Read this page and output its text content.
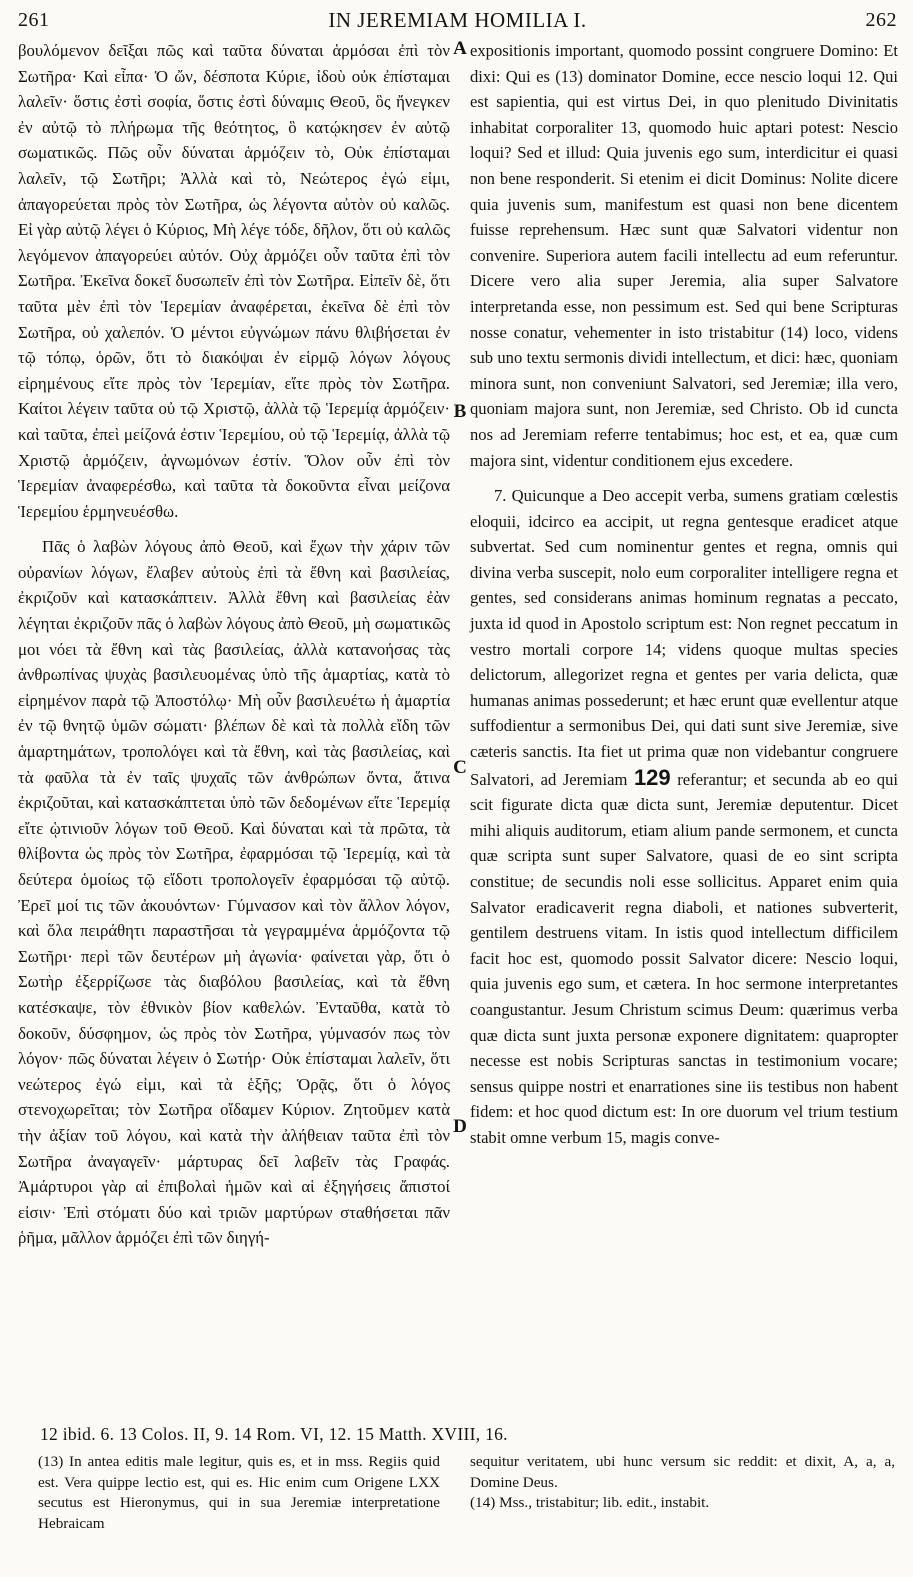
261	IN JEREMIAM HOMILIA I.	262

βουλόμενον δεῖξαι πῶς καὶ ταῦτα δύναται ἁρμόσαι ἐπὶ τὸν Σωτῆρα· Καὶ εἶπα· Ὁ ὤν, δέσποτα Κύριε, ἰδοὺ οὐκ ἐπίσταμαι λαλεῖν· ὅστις ἐστὶ σοφία, ὅστις ἐστὶ δύναμις Θεοῦ, ὃς ἤνεγκεν ἐν αὐτῷ τὸ πλήρωμα τῆς θεότητος, ὃ κατῴκησεν ἐν αὐτῷ σωματικῶς. Πῶς οὖν δύναται ἁρμόζειν τὸ, Οὐκ ἐπίσταμαι λαλεῖν, τῷ Σωτῆρι; Ἀλλὰ καὶ τὸ, Νεώτερος ἐγώ εἰμι, ἀπαγορεύεται πρὸς τὸν Σωτῆρα, ὡς λέγοντα αὐτὸν οὐ καλῶς. Εἰ γὰρ αὐτῷ λέγει ὁ Κύριος, Μὴ λέγε τόδε, δῆλον, ὅτι οὐ καλῶς λεγόμενον ἀπαγορεύει αὐτόν. Οὐχ ἁρμόζει οὖν ταῦτα ἐπὶ τὸν Σωτῆρα. Ἐκεῖνα δοκεῖ δυσωπεῖν ἐπὶ τὸν Σωτῆρα. Εἰπεῖν δὲ, ὅτι ταῦτα μὲν ἐπὶ τὸν Ἱερεμίαν ἀναφέρεται, ἐκεῖνα δὲ ἐπὶ τὸν Σωτῆρα, οὐ χαλεπόν. Ὁ μέντοι εὐγνώμων πάνυ θλιβήσεται ἐν τῷ τόπῳ, ὁρῶν, ὅτι τὸ διακόψαι ἐν εἱρμῷ λόγων λόγους εἰρημένους εἴτε πρὸς τὸν Ἱερεμίαν, εἴτε πρὸς τὸν Σωτῆρα. Καίτοι λέγειν ταῦτα οὐ τῷ Χριστῷ, ἀλλὰ τῷ Ἱερεμίᾳ ἁρμόζειν· καὶ ταῦτα, ἐπεὶ μείζονά ἐστιν Ἱερεμίου, οὐ τῷ Ἱερεμίᾳ, ἀλλὰ τῷ Χριστῷ ἁρμόζειν, ἀγνωμόνων ἐστίν. Ὅλον οὖν ἐπὶ τὸν Ἱερεμίαν ἀναφερέσθω, καὶ ταῦτα τὰ δοκοῦντα εἶναι μείζονα Ἱερεμίου ἑρμηνευέσθω.

Πᾶς ὁ λαβὼν λόγους ἀπὸ Θεοῦ, καὶ ἔχων τὴν χάριν τῶν οὐρανίων λόγων, ἔλαβεν αὐτοὺς ἐπὶ τὰ ἔθνη καὶ βασιλείας, ἐκριζοῦν καὶ κατασκάπτειν. Ἀλλὰ ἔθνη καὶ βασιλείας ἐὰν λέγηται ἐκριζοῦν πᾶς ὁ λαβὼν λόγους ἀπὸ Θεοῦ, μὴ σωματικῶς μοι νόει τὰ ἔθνη καὶ τὰς βασιλείας, ἀλλὰ κατανοήσας τὰς ἀνθρωπίνας ψυχὰς βασιλευομένας ὑπὸ τῆς ἁμαρτίας, κατὰ τὸ εἰρημένον παρὰ τῷ Ἀποστόλῳ· Μὴ οὖν βασιλευέτω ἡ ἁμαρτία ἐν τῷ θνητῷ ὑμῶν σώματι· βλέπων δὲ καὶ τὰ πολλὰ εἴδη τῶν ἁμαρτημάτων, τροπολόγει καὶ τὰ ἔθνη, καὶ τὰς βασιλείας, καὶ τὰ φαῦλα τὰ ἐν ταῖς ψυχαῖς τῶν ἀνθρώπων ὄντα, ἅτινα ἐκριζοῦται, καὶ κατασκάπτεται ὑπὸ τῶν δεδομένων εἴτε Ἱερεμίᾳ εἴτε ᾡτινιοῦν λόγων τοῦ Θεοῦ. Καὶ δύναται καὶ τὰ πρῶτα, τὰ θλίβοντα ὡς πρὸς τὸν Σωτῆρα, ἐφαρμόσαι τῷ Ἱερεμίᾳ, καὶ τὰ δεύτερα ὁμοίως τῷ εἴδοτι τροπολογεῖν ἐφαρμόσαι τῷ αὐτῷ. Ἐρεῖ μοί τις τῶν ἀκουόντων· Γύμνασον καὶ τὸν ἄλλον λόγον, καὶ ὅλα πειράθητι παραστῆσαι τὰ γεγραμμένα ἁρμόζοντα τῷ Σωτῆρι· περὶ τῶν δευτέρων μὴ ἀγωνία· φαίνεται γὰρ, ὅτι ὁ Σωτὴρ ἐξερρίζωσε τὰς διαβόλου βασιλείας, καὶ τὰ ἔθνη κατέσκαψε, τὸν ἐθνικὸν βίον καθελών. Ἐνταῦθα, κατὰ τὸ δοκοῦν, δύσφημον, ὡς πρὸς τὸν Σωτῆρα, γύμνασόν πως τὸν λόγον· πῶς δύναται λέγειν ὁ Σωτήρ· Οὐκ ἐπίσταμαι λαλεῖν, ὅτι νεώτερος ἐγώ εἰμι, καὶ τὰ ἑξῆς; Ὁρᾷς, ὅτι ὁ λόγος στενοχωρεῖται; τὸν Σωτῆρα οἴδαμεν Κύριον. Ζητοῦμεν κατὰ τὴν ἀξίαν τοῦ λόγου, καὶ κατὰ τὴν ἀλήθειαν ταῦτα ἐπὶ τὸν Σωτῆρα ἀναγαγεῖν· μάρτυρας δεῖ λαβεῖν τὰς Γραφάς. Ἀμάρτυροι γὰρ αἱ ἐπιβολαὶ ἡμῶν καὶ αἱ ἐξηγήσεις ἄπιστοί εἰσιν· Ἐπὶ στόματι δύο καὶ τριῶν μαρτύρων σταθήσεται πᾶν ῥῆμα, μᾶλλον ἁρμόζει ἐπὶ τῶν διηγή-

A
B
C
D

expositionis important, quomodo possint congruere Domino: Et dixi: Qui es (13) dominator Domine, ecce nescio loqui 12. Qui est sapientia, qui est virtus Dei, in quo plenitudo Divinitatis inhabitat corporaliter 13, quomodo huic aptari potest: Nescio loqui? Sed et illud: Quia juvenis ego sum, interdicitur ei quasi non bene responderit. Si etenim ei dicit Dominus: Nolite dicere quia juvenis sum, manifestum est quasi non bene dicentem fuisse reprehensum. Hæc sunt quæ Salvatori videntur non convenire. Superiora autem facili intellectu ad eum referuntur. Dicere vero alia super Jeremia, alia super Salvatore interpretanda esse, non pessimum est. Sed qui bene Scripturas nosse conatur, vehementer in isto tristabitur (14) loco, videns sub uno textu sermonis dividi intellectum, et dici: hæc, quoniam minora sunt, non conveniunt Salvatori, sed Jeremiæ; illa vero, quoniam majora sunt, non Jeremiæ, sed Christo. Ob id cuncta nos ad Jeremiam referre tentabimus; hoc est, et ea, quæ cum majora sint, videntur conditionem ejus excedere.

7. Quicunque a Deo accepit verba, sumens gratiam cœlestis eloquii, idcirco ea accipit, ut regna gentesque eradicet atque subvertat. Sed cum nominentur gentes et regna, omnis qui divina verba suscepit, nolo eum corporaliter intelligere regna et gentes, sed considerans animas hominum regnatas a peccato, juxta id quod in Apostolo scriptum est: Non regnet peccatum in vestro mortali corpore 14; videns quoque multas species delictorum, allegorizet regna et gentes per varia delicta, quæ humanas animas possederunt; et hæc erunt quæ evellentur atque suffodientur a sermonibus Dei, qui dati sunt sive Jeremiæ, sive cæteris sanctis. Ita fiet ut prima quæ non videbantur congruere Salvatori, ad Jeremiam 129 referantur; et secunda ab eo qui scit figurate dicta quæ dicta sunt, Jeremiæ deputentur. Dicet mihi aliquis auditorum, etiam alium pande sermonem, et cuncta quæ scripta sunt super Salvatore, quasi de eo sint scripta constitue; de secundis noli esse sollicitus. Apparet enim quia Salvator eradicaverit regna diaboli, et nationes subverterit, gentilem destruens vitam. In istis quod intellectum difficilem facit hoc est, quomodo possit Salvator dicere: Nescio loqui, quia juvenis ego sum, et cætera. In hoc sermone interpretantes coangustantur. Jesum Christum scimus Deum: quærimus verba quæ dicta sunt juxta personæ exponere dignitatem: quapropter necesse est nobis Scripturas sanctas in testimonium vocare; sensus quippe nostri et enarrationes sine iis testibus non habent fidem: et hoc quod dictum est: In ore duorum vel trium testium stabit omne verbum 15, magis conve-

12 ibid. 6. 13 Colos. II, 9. 14 Rom. VI, 12. 15 Matth. XVIII, 16.

(13) In antea editis male legitur, quis es, et in mss. Regiis quid est. Vera quippe lectio est, qui es. Hic enim cum Origene LXX secutus est Hieronymus, qui in sua Jeremiæ interpretatione Hebraicam

sequitur veritatem, ubi hunc versum sic reddit: et dixit, A, a, a, Domine Deus.

(14) Mss., tristabitur; lib. edit., instabit.
